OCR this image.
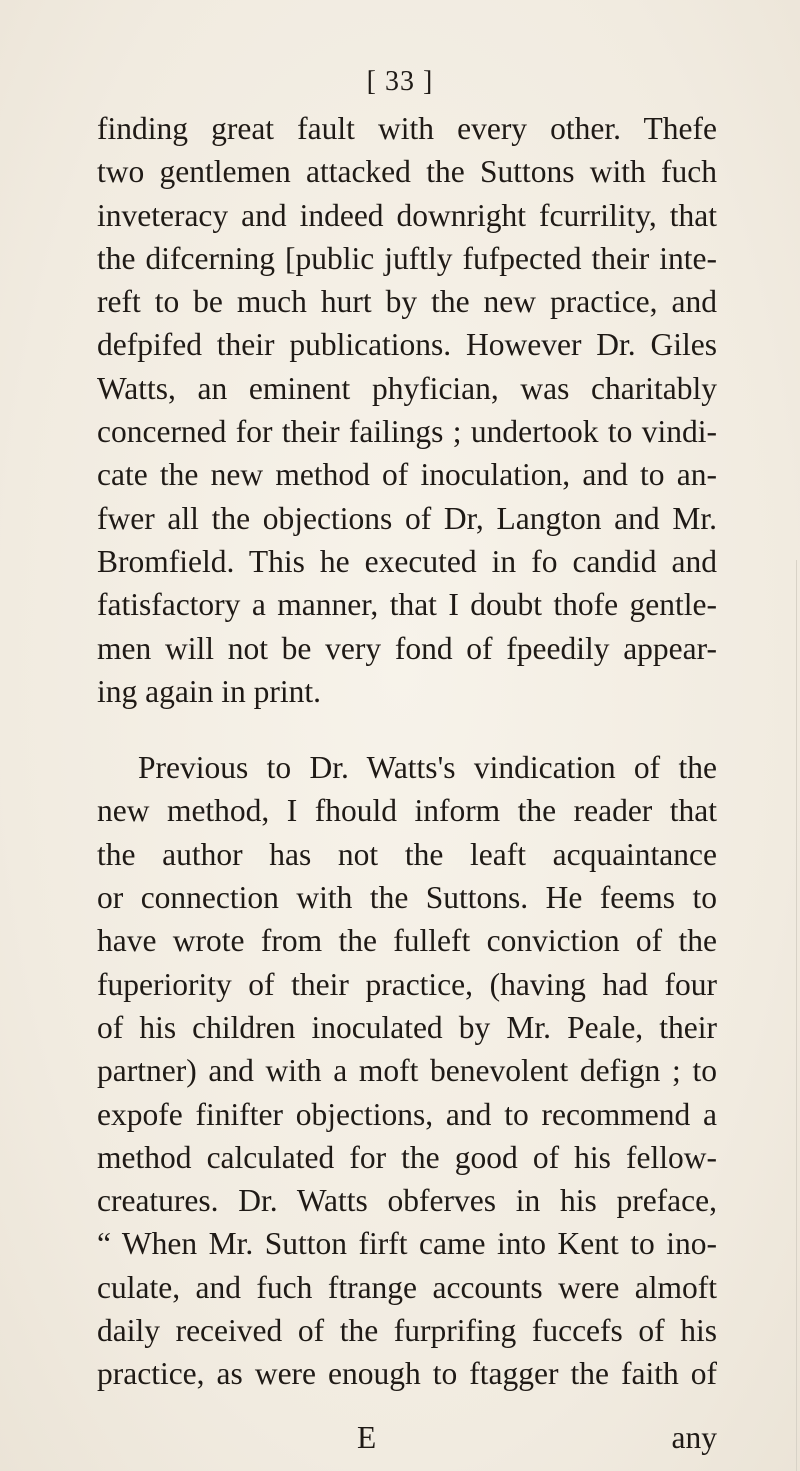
[ 33 ]
finding great fault with every other. Thefe
two gentlemen attacked the Suttons with fuch
inveteracy and indeed downright fcurrility, that
the difcerning [public juftly fufpected their inte-
reft to be much hurt by the new practice, and
defpifed their publications. However Dr. Giles
Watts, an eminent phyfician, was charitably
concerned for their failings ; undertook to vindi-
cate the new method of inoculation, and to an-
fwer all the objections of Dr, Langton and Mr.
Bromfield. This he executed in fo candid and
fatisfactory a manner, that I doubt thofe gentle-
men will not be very fond of fpeedily appear-
ing again in print.
Previous to Dr. Watts's vindication of the
new method, I fhould inform the reader that
the author has not the leaft acquaintance
or connection with the Suttons. He feems to
have wrote from the fulleft conviction of the
fuperiority of their practice, (having had four
of his children inoculated by Mr. Peale, their
partner) and with a moft benevolent defign ; to
expofe finifter objections, and to recommend a
method calculated for the good of his fellow-
creatures. Dr. Watts obferves in his preface,
“ When Mr. Sutton firft came into Kent to ino-
culate, and fuch ftrange accounts were almoft
daily received of the furprifing fuccefs of his
practice, as were enough to ftagger the faith of
E	any
